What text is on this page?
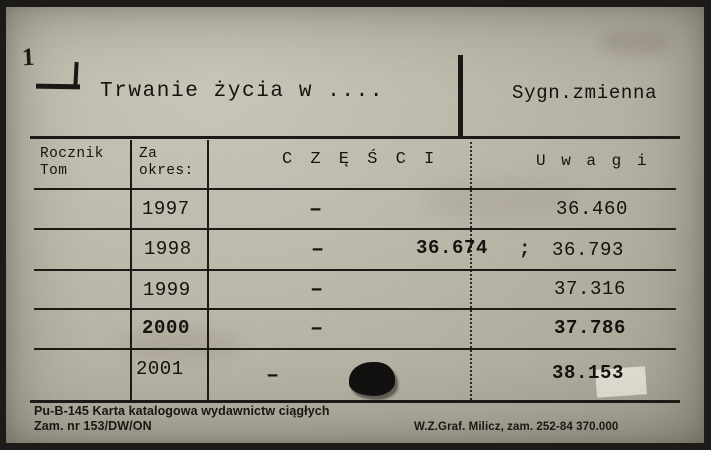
1
Trwanie życia w ....	Sygn.zmienna
Rocznik
Tom
Za
okres:
C Z Ę Ś C I	U w a g i
1997	–	36.460
1998	–	36.674 ; 36.793
1999	–	37.316
2000	–	37.786
2001	–	38.153
Pu-B-145 Karta katalogowa wydawnictw ciągłych
Zam. nr 153/DW/ON	W.Z.Graf. Milicz, zam. 252-84 370.000
